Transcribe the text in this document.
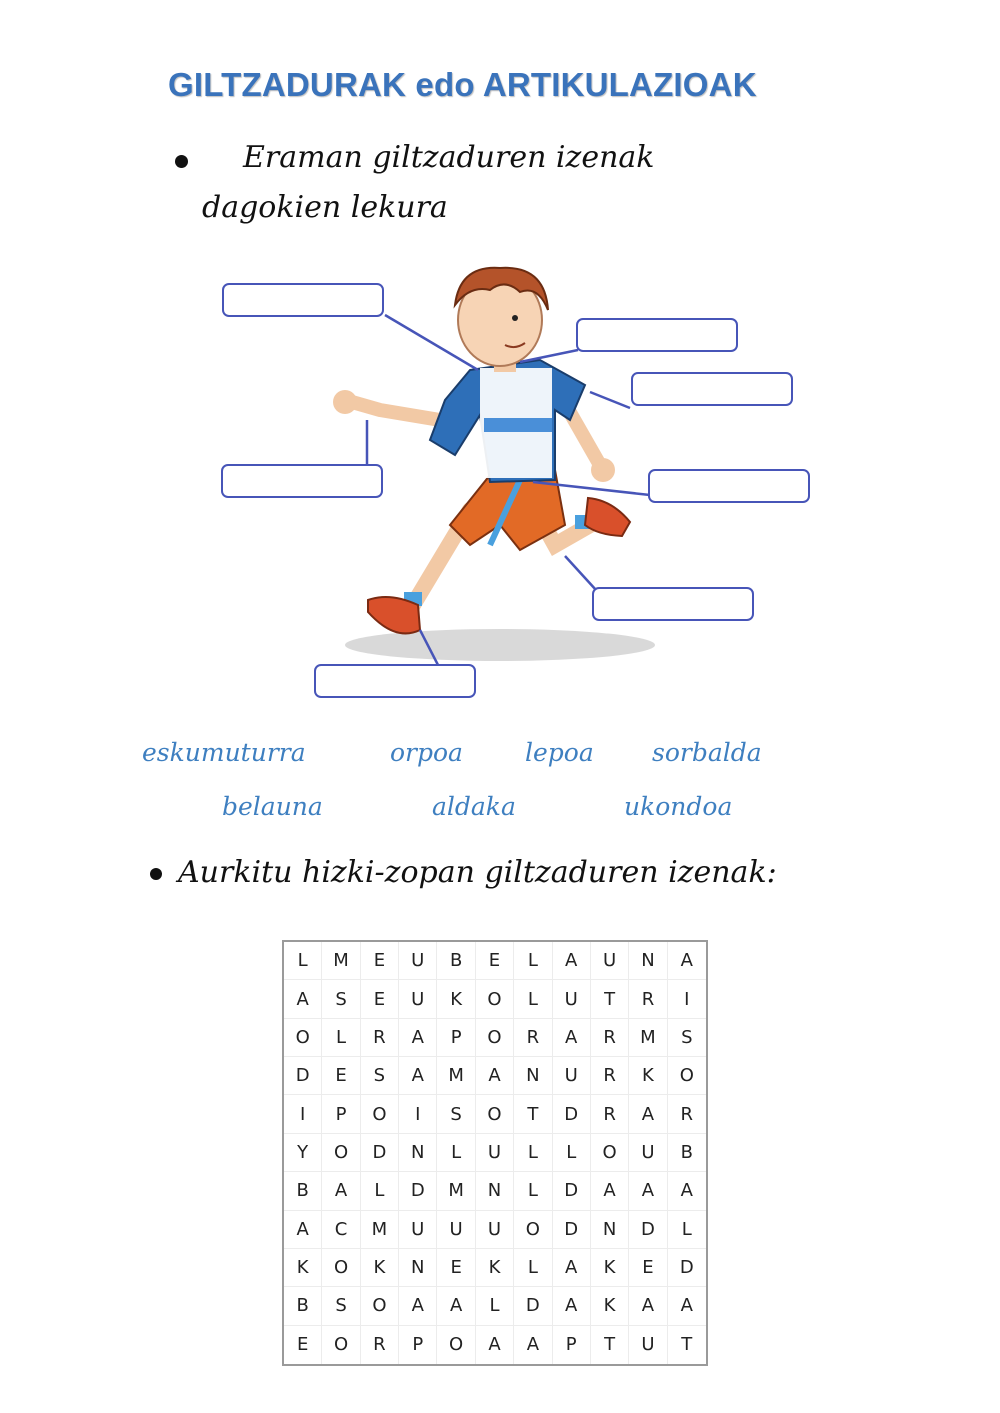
GILTZADURAK edo ARTIKULAZIOAK
Eraman giltzaduren izenak
dagokien lekura
eskumuturra	orpoa lepoa sorbalda
belauna	aldaka	ukondoa
Aurkitu hizki-zopan giltzaduren izenak:
L	M	E	U	B	E	L	A	U	N	A
A	S	E	U	K	O	L	U	T	R	I
O	L	R	A	P	O	R	A	R	M	S
D	E	S	A	M	A	N	U	R	K	O
I	P	O	I	S	O	T	D	R	A	R
Y	O	D	N	L	U	L	L	O	U	B
B	A	L	D	M	N	L	D	A	A	A
A	C	M	U	U	U	O	D	N	D	L
K	O	K	N	E	K	L	A	K	E	D
B	S	O	A	A	L	D	A	K	A	A
E	O	R	P	O	A	A	P	T	U	T
